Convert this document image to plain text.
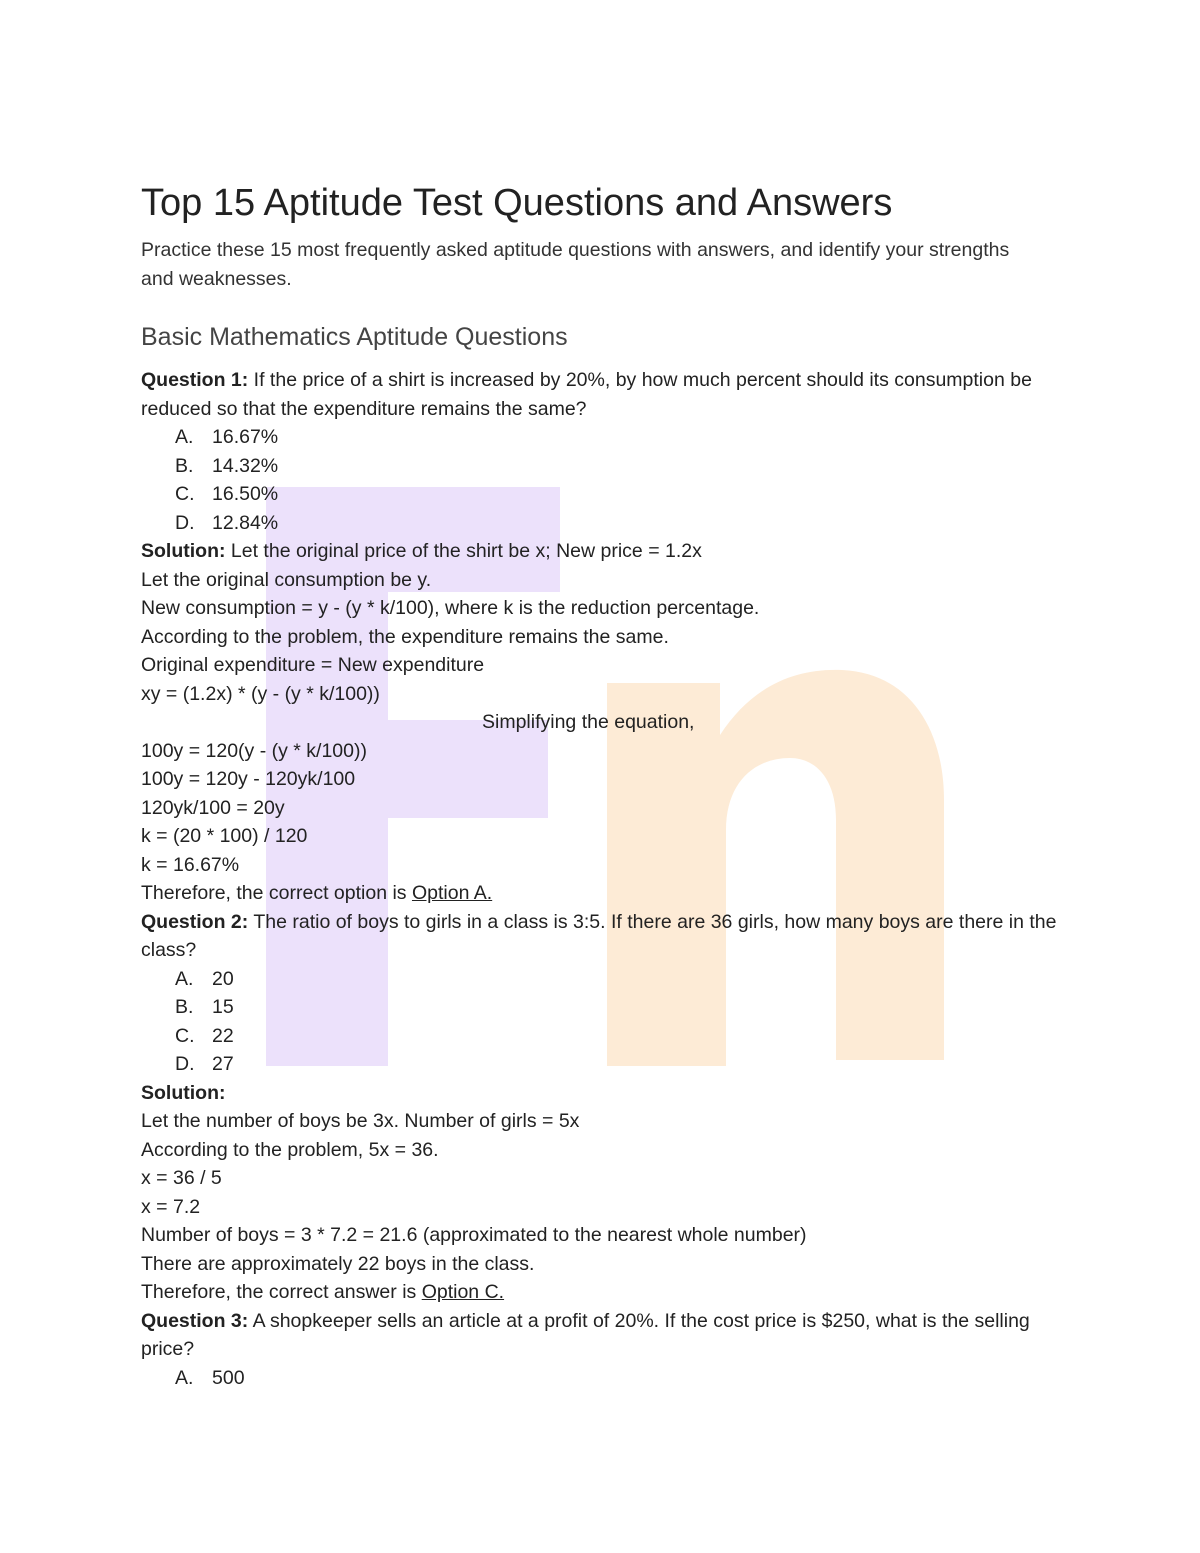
Top 15 Aptitude Test Questions and Answers

Practice these 15 most frequently asked aptitude questions with answers, and identify your strengths and weaknesses.

Basic Mathematics Aptitude Questions
Question 1: If the price of a shirt is increased by 20%, by how much percent should its consumption be reduced so that the expenditure remains the same?
A. 16.67%
B. 14.32%
C. 16.50%
D. 12.84%
Solution: Let the original price of the shirt be x; New price = 1.2x
Let the original consumption be y.
New consumption = y - (y * k/100), where k is the reduction percentage.
According to the problem, the expenditure remains the same.
Original expenditure = New expenditure
xy = (1.2x) * (y - (y * k/100))
Simplifying the equation,
100y = 120(y - (y * k/100))
100y = 120y - 120yk/100
120yk/100 = 20y
k = (20 * 100) / 120
k = 16.67%
Therefore, the correct option is Option A.
Question 2: The ratio of boys to girls in a class is 3:5. If there are 36 girls, how many boys are there in the class?
A. 20
B. 15
C. 22
D. 27
Solution:
Let the number of boys be 3x. Number of girls = 5x
According to the problem, 5x = 36.
x = 36 / 5
x = 7.2
Number of boys = 3 * 7.2 = 21.6 (approximated to the nearest whole number)
There are approximately 22 boys in the class.
Therefore, the correct answer is Option C.
Question 3: A shopkeeper sells an article at a profit of 20%. If the cost price is $250, what is the selling price?
A. 500
